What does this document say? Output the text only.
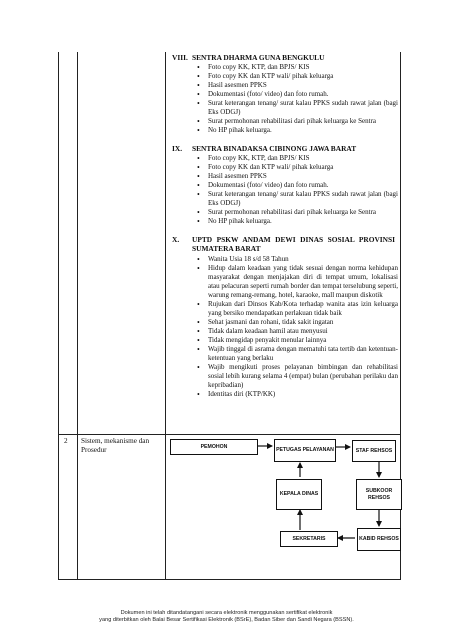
VIII. SENTRA DHARMA GUNA BENGKULU
• Foto copy KK, KTP, dan BPJS/ KIS
• Foto copy KK dan KTP wali/ pihak keluarga
• Hasil asesmen PPKS
• Dokumentasi (foto/ video) dan foto rumah.
• Surat keterangan tenang/ surat kalau PPKS sudah rawat jalan (bagi Eks ODGJ)
• Surat permohonan rehabilitasi dari pihak keluarga ke Sentra
• No HP pihak keluarga.
IX. SENTRA BINADAKSA CIBINONG JAWA BARAT
• Foto copy KK, KTP, dan BPJS/ KIS
• Foto copy KK dan KTP wali/ pihak keluarga
• Hasil asesmen PPKS
• Dokumentasi (foto/ video) dan foto rumah.
• Surat keterangan tenang/ surat kalau PPKS sudah rawat jalan (bagi Eks ODGJ)
• Surat permohonan rehabilitasi dari pihak keluarga ke Sentra
• No HP pihak keluarga.
X. UPTD PSKW ANDAM DEWI DINAS SOSIAL PROVINSI SUMATERA BARAT
• Wanita Usia 18 s/d 58 Tahun
• Hidup dalam keadaan yang tidak sesuai dengan norma kehidupan masyarakat dengan menjajakan diri di tempat umum, lokalisasi atau pelacuran seperti rumah border dan tempat terselubung seperti, warung remang-remang, hotel, karaoke, mall maupun diskotik
• Rujukan dari Dinsos Kab/Kota terhadap wanita atas izin keluarga yang bersiko mendapatkan perlakuan tidak baik
• Sehat jasmani dan rohani, tidak sakit ingatan
• Tidak dalam keadaan hamil atau menyusui
• Tidak mengidap penyakit menular lainnya
• Wajib tinggal di asrama dengan mematuhi tata tertib dan ketentuan-ketentuan yang berlaku
• Wajib mengikuti proses pelayanan bimbingan dan rehabilitasi sosial lebih kurang selama 4 (empat) bulan (perubahan perilaku dan kepribadian)
• Identitas diri (KTP/KK)
2 Sistem, mekanisme dan Prosedur	PEMOHON
PETUGAS PELAYANAN	STAF REHSOS
KEPALA DINAS
SUBKOOR REHSOS
SEKRETARIS	KABID REHSOS
Dokumen ini telah ditandatangani secara elektronik menggunakan sertifikat elektronik
yang diterbitkan oleh Balai Besar Sertifikasi Elektronik (BSrE), Badan Siber dan Sandi Negara (BSSN).
